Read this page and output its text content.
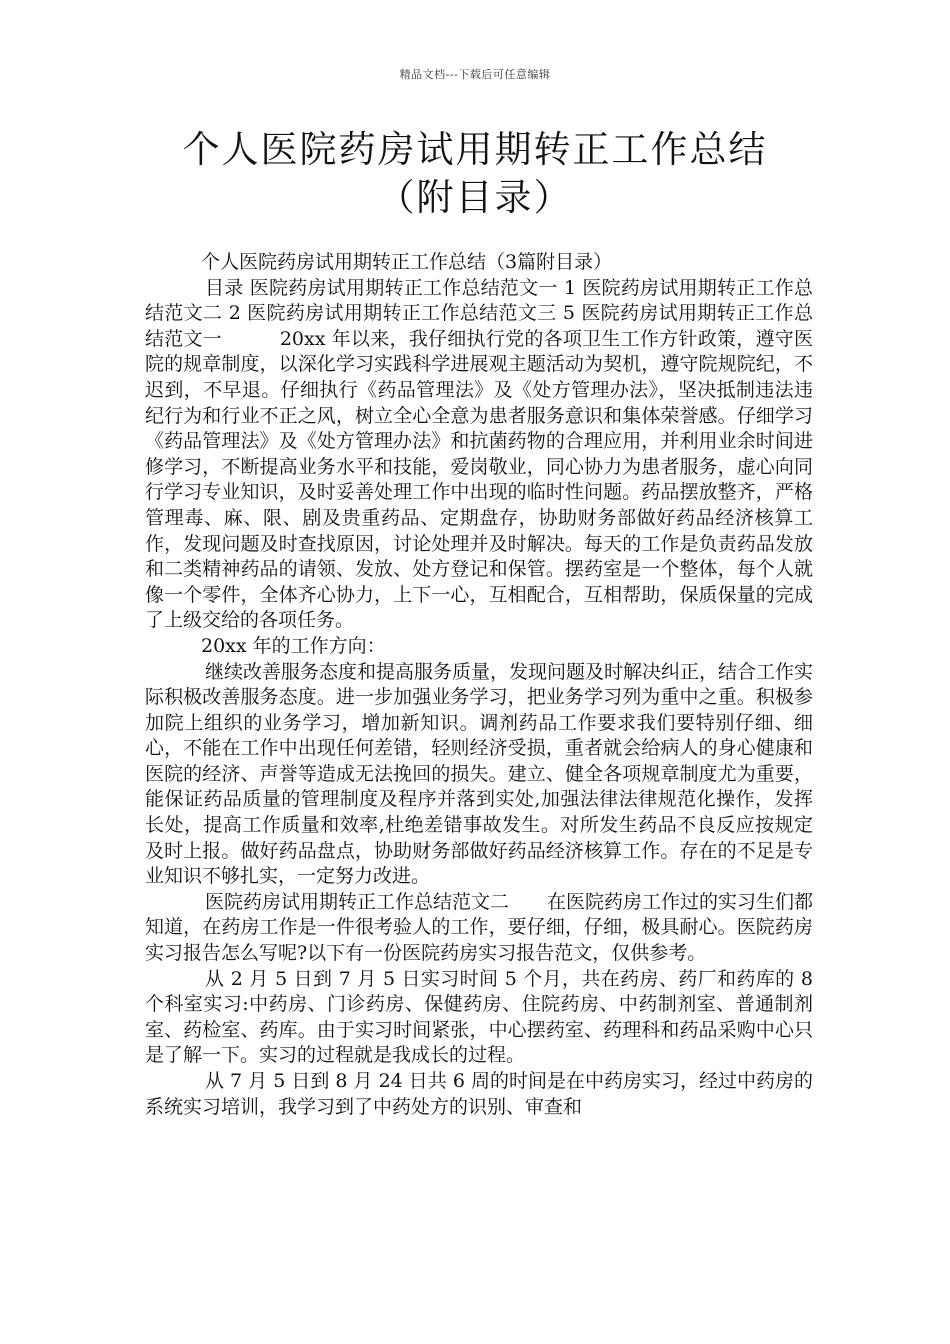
精品文档---下载后可任意编辑
个人医院药房试用期转正工作总结（附目录）

个人医院药房试用期转正工作总结（3篇附目录）

目录 医院药房试用期转正工作总结范文一 1 医院药房试用期转正工作总结范文二 2 医院药房试用期转正工作总结范文三 5 医院药房试用期转正工作总结范文一　　　20xx 年以来，我仔细执行党的各项卫生工作方针政策，遵守医院的规章制度，以深化学习实践科学进展观主题活动为契机，遵守院规院纪，不迟到，不早退。仔细执行《药品管理法》及《处方管理办法》，坚决抵制违法违纪行为和行业不正之风，树立全心全意为患者服务意识和集体荣誉感。仔细学习《药品管理法》及《处方管理办法》和抗菌药物的合理应用，并利用业余时间进修学习，不断提高业务水平和技能，爱岗敬业，同心协力为患者服务，虚心向同行学习专业知识，及时妥善处理工作中出现的临时性问题。药品摆放整齐，严格管理毒、麻、限、剧及贵重药品、定期盘存，协助财务部做好药品经济核算工作，发现问题及时查找原因，讨论处理并及时解决。每天的工作是负责药品发放和二类精神药品的请领、发放、处方登记和保管。摆药室是一个整体，每个人就像一个零件，全体齐心协力，上下一心，互相配合，互相帮助，保质保量的完成了上级交给的各项任务。

20xx 年的工作方向：

继续改善服务态度和提高服务质量，发现问题及时解决纠正，结合工作实际积极改善服务态度。进一步加强业务学习，把业务学习列为重中之重。积极参加院上组织的业务学习，增加新知识。调剂药品工作要求我们要特别仔细、细心，不能在工作中出现任何差错，轻则经济受损，重者就会给病人的身心健康和医院的经济、声誉等造成无法挽回的损失。建立、健全各项规章制度尤为重要，能保证药品质量的管理制度及程序并落到实处,加强法律法律规范化操作，发挥长处，提高工作质量和效率,杜绝差错事故发生。对所发生药品不良反应按规定及时上报。做好药品盘点，协助财务部做好药品经济核算工作。存在的不足是专业知识不够扎实，一定努力改进。

医院药房试用期转正工作总结范文二　　在医院药房工作过的实习生们都知道，在药房工作是一件很考验人的工作，要仔细，仔细，极具耐心。医院药房实习报告怎么写呢?以下有一份医院药房实习报告范文，仅供参考。

从 2 月 5 日到 7 月 5 日实习时间 5 个月，共在药房、药厂和药库的 8 个科室实习:中药房、门诊药房、保健药房、住院药房、中药制剂室、普通制剂室、药检室、药库。由于实习时间紧张，中心摆药室、药理科和药品采购中心只是了解一下。实习的过程就是我成长的过程。

从 7 月 5 日到 8 月 24 日共 6 周的时间是在中药房实习，经过中药房的系统实习培训，我学习到了中药处方的识别、审查和
